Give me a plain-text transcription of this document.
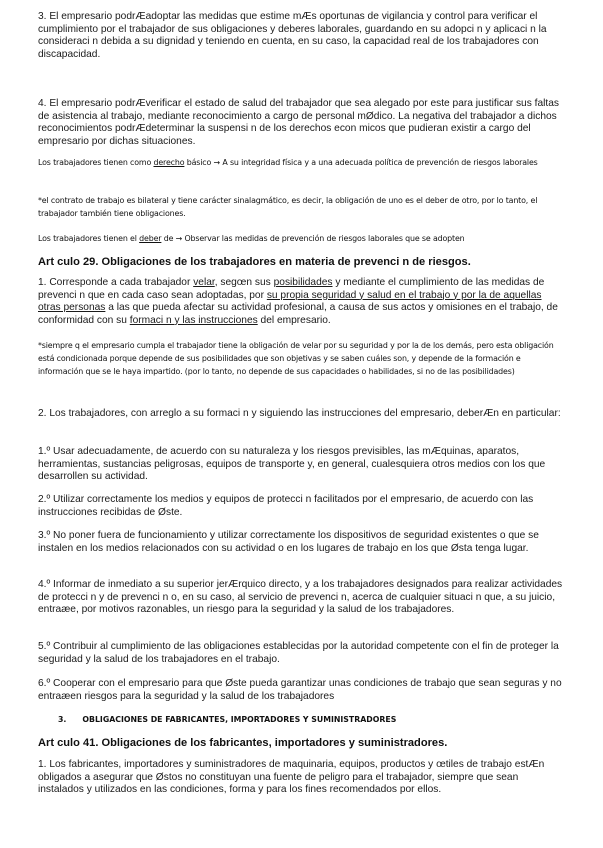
3. El empresario podrÆadoptar las medidas que estime mÆs oportunas de vigilancia y control para verificar el cumplimiento por el trabajador de sus obligaciones y deberes laborales, guardando en su adopci n y aplicaci n la consideraci n debida a su dignidad y teniendo en cuenta, en su caso, la capacidad real de los trabajadores con discapacidad.
4. El empresario podrÆverificar el estado de salud del trabajador que sea alegado por este para justificar sus faltas de asistencia al trabajo, mediante reconocimiento a cargo de personal mØdico. La negativa del trabajador a dichos reconocimientos podrÆdeterminar la suspensi n de los derechos econ micos que pudieran existir a cargo del empresario por dichas situaciones.
Los trabajadores tienen como derecho básico → A su integridad física y a una adecuada política de prevención de riesgos laborales
*el contrato de trabajo es bilateral y tiene carácter sinalagmático, es decir, la obligación de uno es el deber de otro, por lo tanto, el trabajador también tiene obligaciones.
Los trabajadores tienen el deber de → Observar las medidas de prevención de riesgos laborales que se adopten
Art culo 29. Obligaciones de los trabajadores en materia de prevenci n de riesgos.
1. Corresponde a cada trabajador velar, segœn sus posibilidades y mediante el cumplimiento de las medidas de prevenci n que en cada caso sean adoptadas, por su propia seguridad y salud en el trabajo y por la de aquellas otras personas a las que pueda afectar su actividad profesional, a causa de sus actos y omisiones en el trabajo, de conformidad con su formaci n y las instrucciones del empresario.
*siempre q el empresario cumpla el trabajador tiene la obligación de velar por su seguridad y por la de los demás, pero esta obligación está condicionada porque depende de sus posibilidades que son objetivas y se saben cuáles son, y depende de la formación e información que se le haya impartido. (por lo tanto, no depende de sus capacidades o habilidades, si no de las posibilidades)
2. Los trabajadores, con arreglo a su formaci n y siguiendo las instrucciones del empresario, deberÆn en particular:
1.º Usar adecuadamente, de acuerdo con su naturaleza y los riesgos previsibles, las mÆquinas, aparatos, herramientas, sustancias peligrosas, equipos de transporte y, en general, cualesquiera otros medios con los que desarrollen su actividad.
2.º Utilizar correctamente los medios y equipos de protecci n facilitados por el empresario, de acuerdo con las instrucciones recibidas de Øste.
3.º No poner fuera de funcionamiento y utilizar correctamente los dispositivos de seguridad existentes o que se instalen en los medios relacionados con su actividad o en los lugares de trabajo en los que Østa tenga lugar.
4.º Informar de inmediato a su superior jerÆrquico directo, y a los trabajadores designados para realizar actividades de protecci n y de prevenci n o, en su caso, al servicio de prevenci n, acerca de cualquier situaci n que, a su juicio, entraæe, por motivos razonables, un riesgo para la seguridad y la salud de los trabajadores.
5.º Contribuir al cumplimiento de las obligaciones establecidas por la autoridad competente con el fin de proteger la seguridad y la salud de los trabajadores en el trabajo.
6.º Cooperar con el empresario para que Øste pueda garantizar unas condiciones de trabajo que sean seguras y no entraæen riesgos para la seguridad y la salud de los trabajadores
3. OBLIGACIONES DE FABRICANTES, IMPORTADORES Y SUMINISTRADORES
Art culo 41. Obligaciones de los fabricantes, importadores y suministradores.
1. Los fabricantes, importadores y suministradores de maquinaria, equipos, productos y œtiles de trabajo estÆn obligados a asegurar que Østos no constituyan una fuente de peligro para el trabajador, siempre que sean instalados y utilizados en las condiciones, forma y para los fines recomendados por ellos.
